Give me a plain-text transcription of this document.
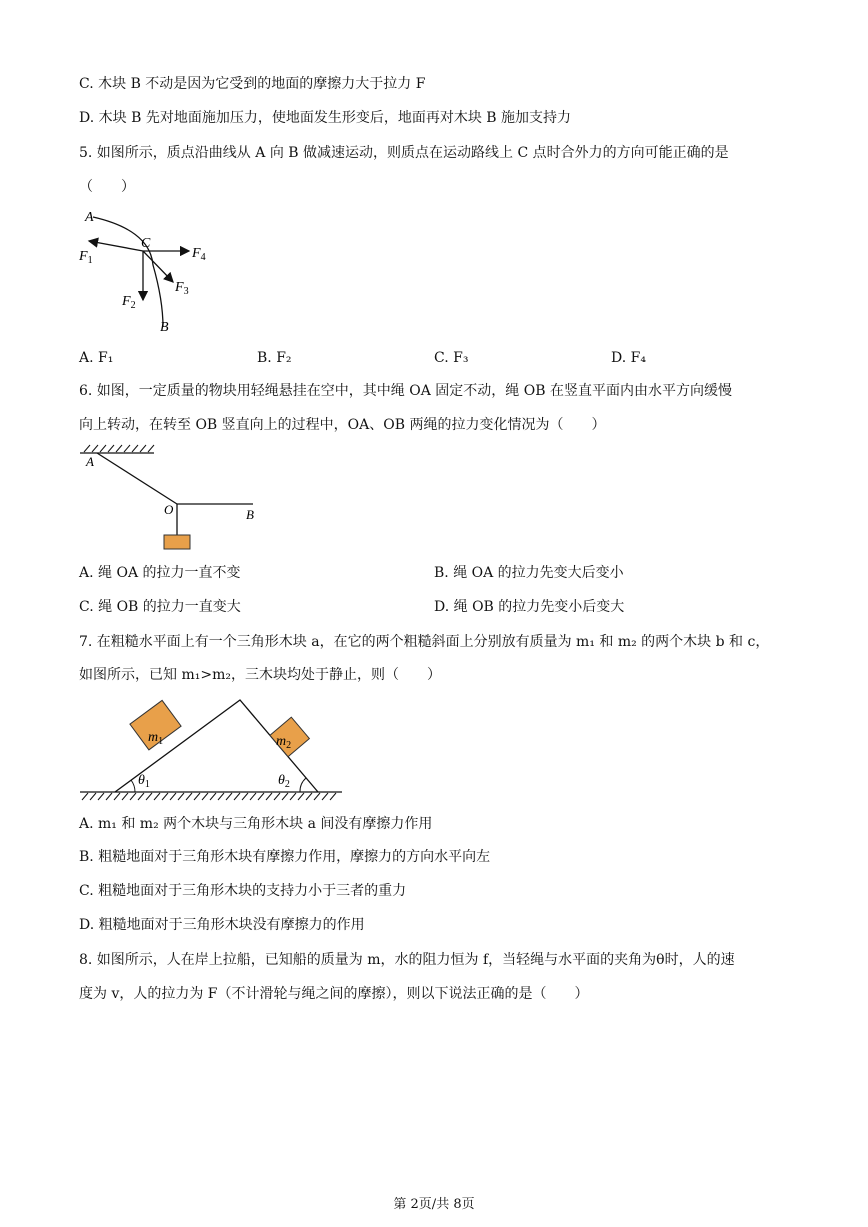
C. 木块 B 不动是因为它受到的地面的摩擦力大于拉力 F
D. 木块 B 先对地面施加压力，使地面发生形变后，地面再对木块 B 施加支持力
5. 如图所示，质点沿曲线从 A 向 B 做减速运动，则质点在运动路线上 C 点时合外力的方向可能正确的是
（　　）
A
C
B
$F_1$
$F_2$
$F_3$
$F_4$
A. F₁	B. F₂	C. F₃	D. F₄
6. 如图，一定质量的物块用轻绳悬挂在空中，其中绳 OA 固定不动，绳 OB 在竖直平面内由水平方向缓慢
向上转动，在转至 OB 竖直向上的过程中，OA、OB 两绳的拉力变化情况为（　　）
A
O	B
A. 绳 OA 的拉力一直不变	B. 绳 OA 的拉力先变大后变小
C. 绳 OB 的拉力一直变大	D. 绳 OB 的拉力先变小后变大
7. 在粗糙水平面上有一个三角形木块 a，在它的两个粗糙斜面上分别放有质量为 m₁ 和 m₂ 的两个木块 b 和 c，
如图所示，已知 m₁>m₂，三木块均处于静止，则（　　）
$m_1$	$m_2$
$\theta_1$	$\theta_2$
A. m₁ 和 m₂ 两个木块与三角形木块 a 间没有摩擦力作用
B. 粗糙地面对于三角形木块有摩擦力作用，摩擦力的方向水平向左
C. 粗糙地面对于三角形木块的支持力小于三者的重力
D. 粗糙地面对于三角形木块没有摩擦力的作用
8. 如图所示，人在岸上拉船，已知船的质量为 m，水的阻力恒为 f，当轻绳与水平面的夹角为θ时，人的速
度为 v，人的拉力为 F（不计滑轮与绳之间的摩擦），则以下说法正确的是（　　）
第 2页/共 8页
